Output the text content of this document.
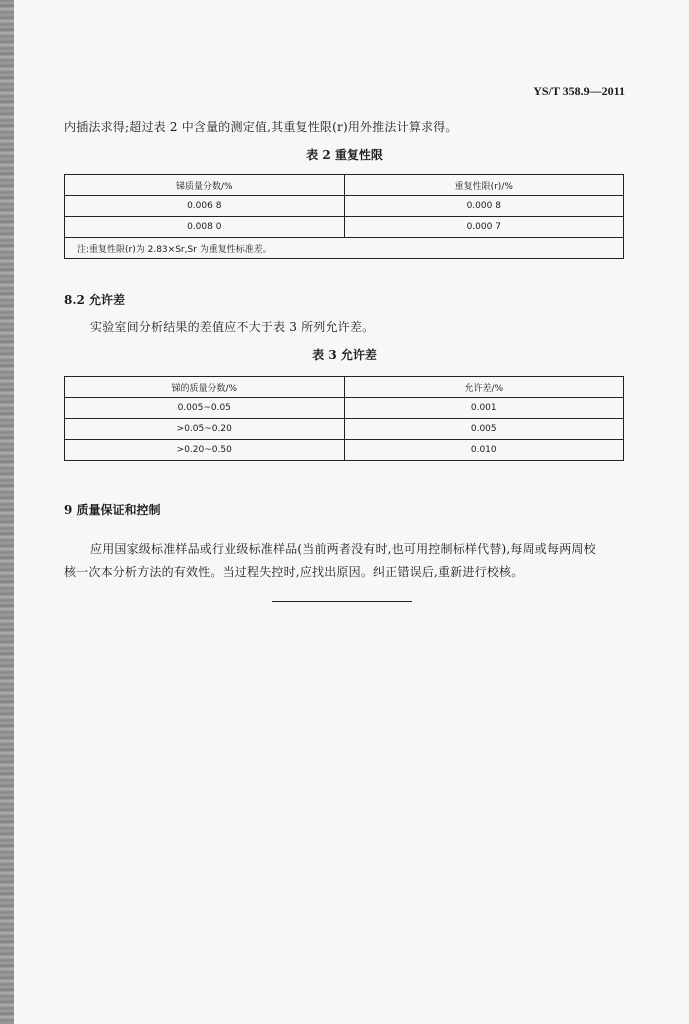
YS/T 358.9—2011
内插法求得;超过表 2 中含量的测定值,其重复性限(r)用外推法计算求得。
表 2 重复性限
锑质量分数/%	重复性限(r)/%
0.006 8	0.000 8
0.008 0	0.000 7
注:重复性限(r)为 2.83×Sr,Sr 为重复性标准差。	
8.2 允许差
实验室间分析结果的差值应不大于表 3 所列允许差。
表 3 允许差
锑的质量分数/%	允许差/%
0.005~0.05	0.001
>0.05~0.20	0.005
>0.20~0.50	0.010
9 质量保证和控制
应用国家级标准样品或行业级标准样品(当前两者没有时,也可用控制标样代替),每周或每两周校
核一次本分析方法的有效性。当过程失控时,应找出原因。纠正错误后,重新进行校核。
